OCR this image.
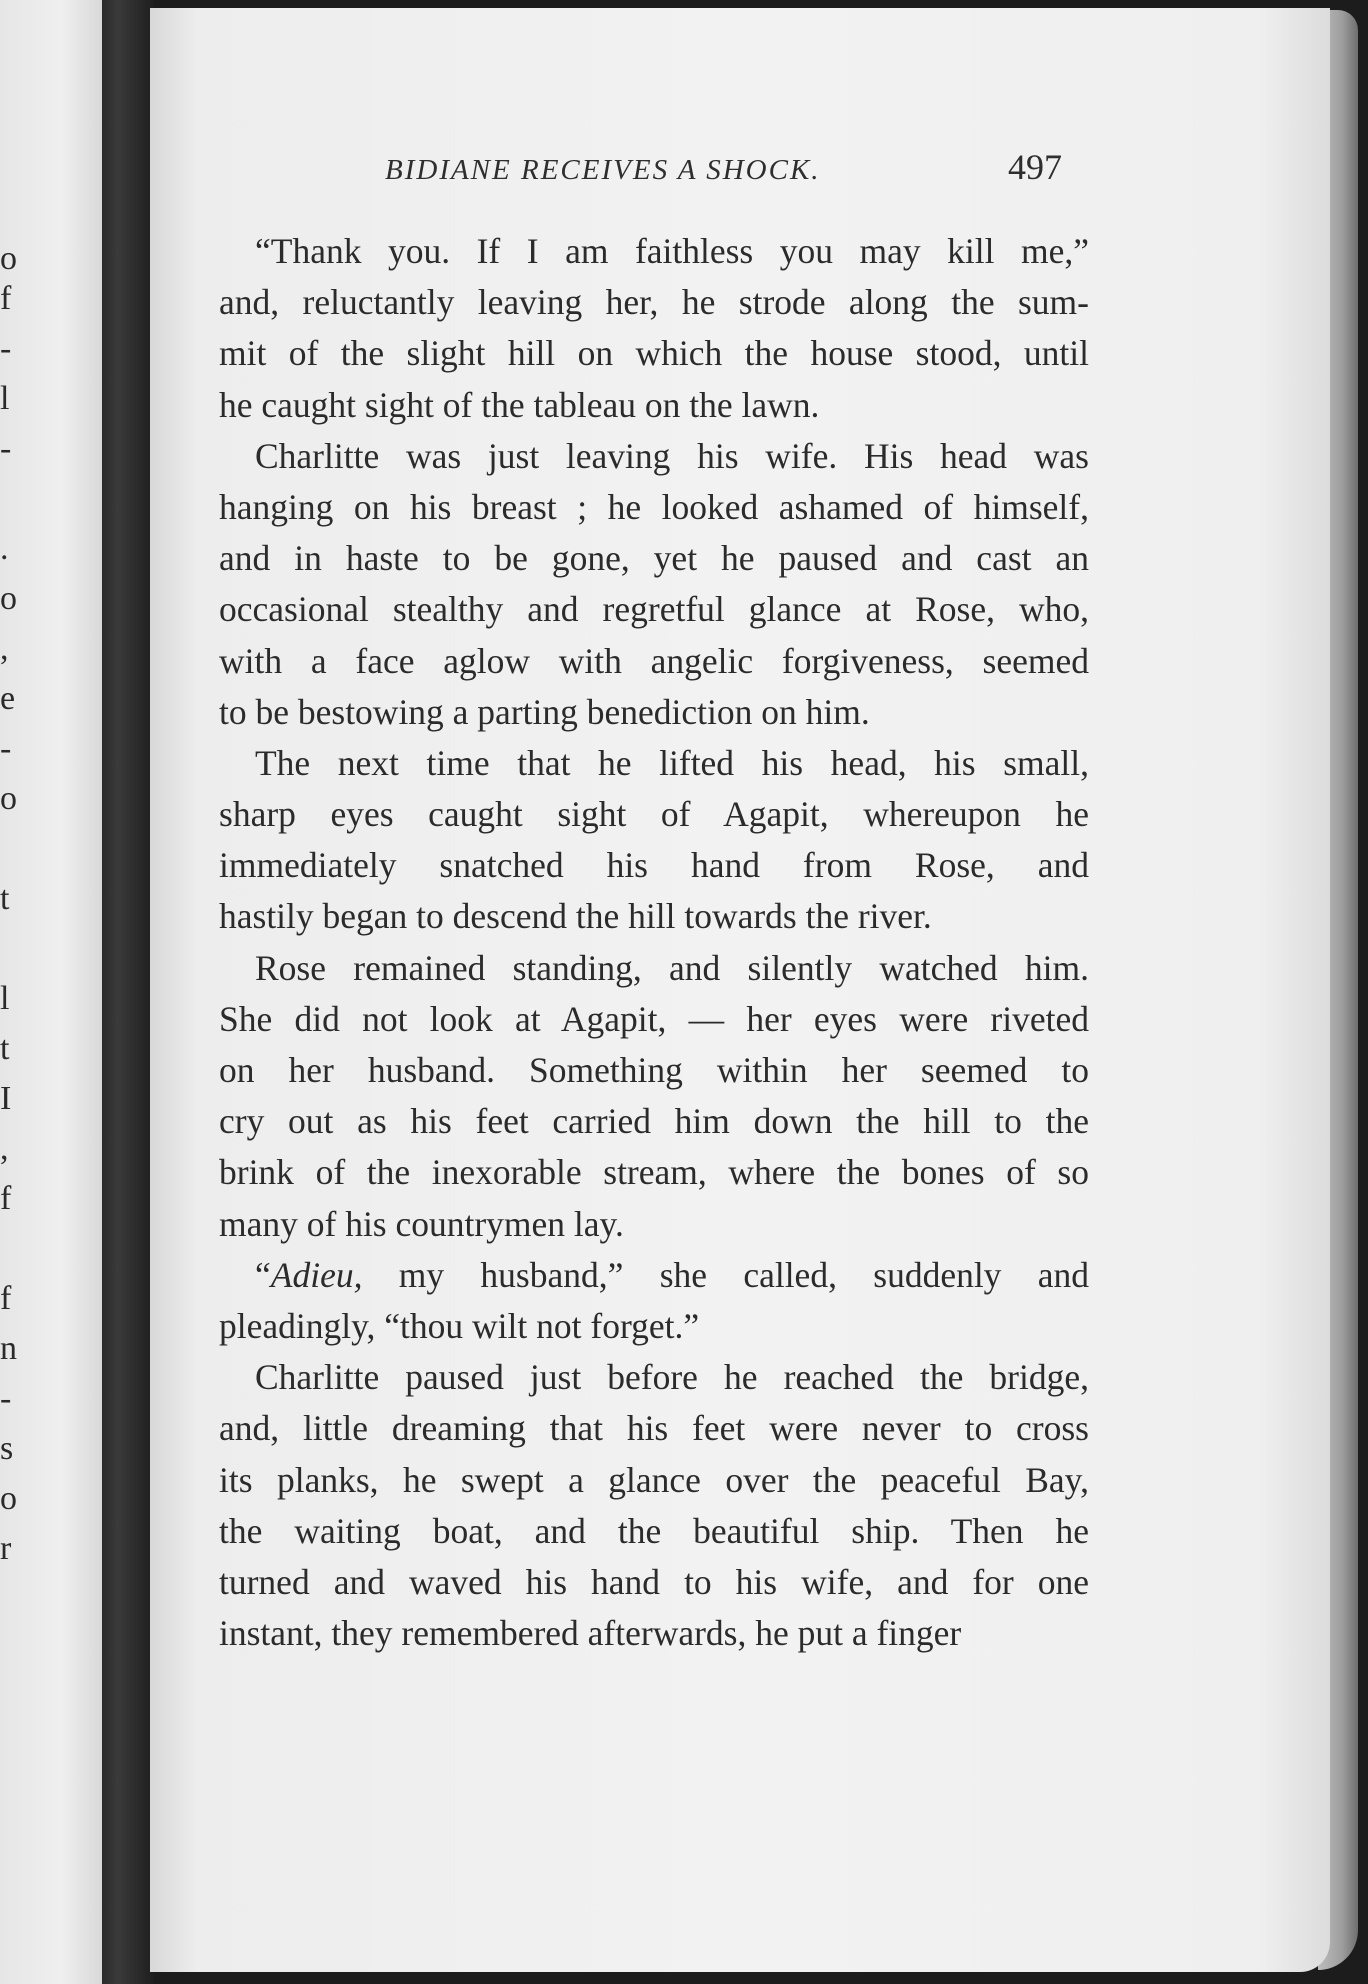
o
f
-
l
-
.
o
,
e
-
o
t
l
t
I
,
f
f
n
-
s
o
r
BIDIANE RECEIVES A SHOCK.	497
“Thank you. If I am faithless you may kill me,”
and, reluctantly leaving her, he strode along the sum-
mit of the slight hill on which the house stood, until
he caught sight of the tableau on the lawn.
Charlitte was just leaving his wife. His head was
hanging on his breast ; he looked ashamed of himself,
and in haste to be gone, yet he paused and cast an
occasional stealthy and regretful glance at Rose, who,
with a face aglow with angelic forgiveness, seemed
to be bestowing a parting benediction on him.
The next time that he lifted his head, his small,
sharp eyes caught sight of Agapit, whereupon he
immediately snatched his hand from Rose, and
hastily began to descend the hill towards the river.
Rose remained standing, and silently watched him.
She did not look at Agapit, — her eyes were riveted
on her husband. Something within her seemed to
cry out as his feet carried him down the hill to the
brink of the inexorable stream, where the bones of so
many of his countrymen lay.
“Adieu, my husband,” she called, suddenly and
pleadingly, “thou wilt not forget.”
Charlitte paused just before he reached the bridge,
and, little dreaming that his feet were never to cross
its planks, he swept a glance over the peaceful Bay,
the waiting boat, and the beautiful ship. Then he
turned and waved his hand to his wife, and for one
instant, they remembered afterwards, he put a finger
